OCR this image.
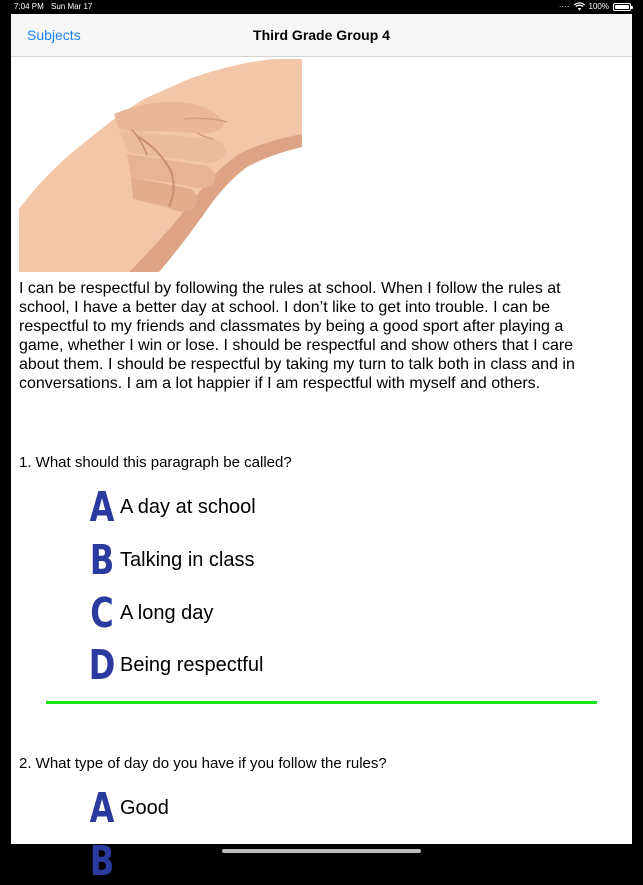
7:04 PM Sun Mar 17	···· 100%
Subjects	Third Grade Group 4

I can be respectful by following the rules at school. When I follow the rules at school, I have a better day at school. I don’t like to get into trouble. I can be respectful to my friends and classmates by being a good sport after playing a game, whether I win or lose. I should be respectful and show others that I care about them. I should be respectful by taking my turn to talk both in class and in conversations. I am a lot happier if I am respectful with myself and others.

1. What should this paragraph be called?
A A day at school
B Talking in class
C A long day
D Being respectful
2. What type of day do you have if you follow the rules?
A Good
B
